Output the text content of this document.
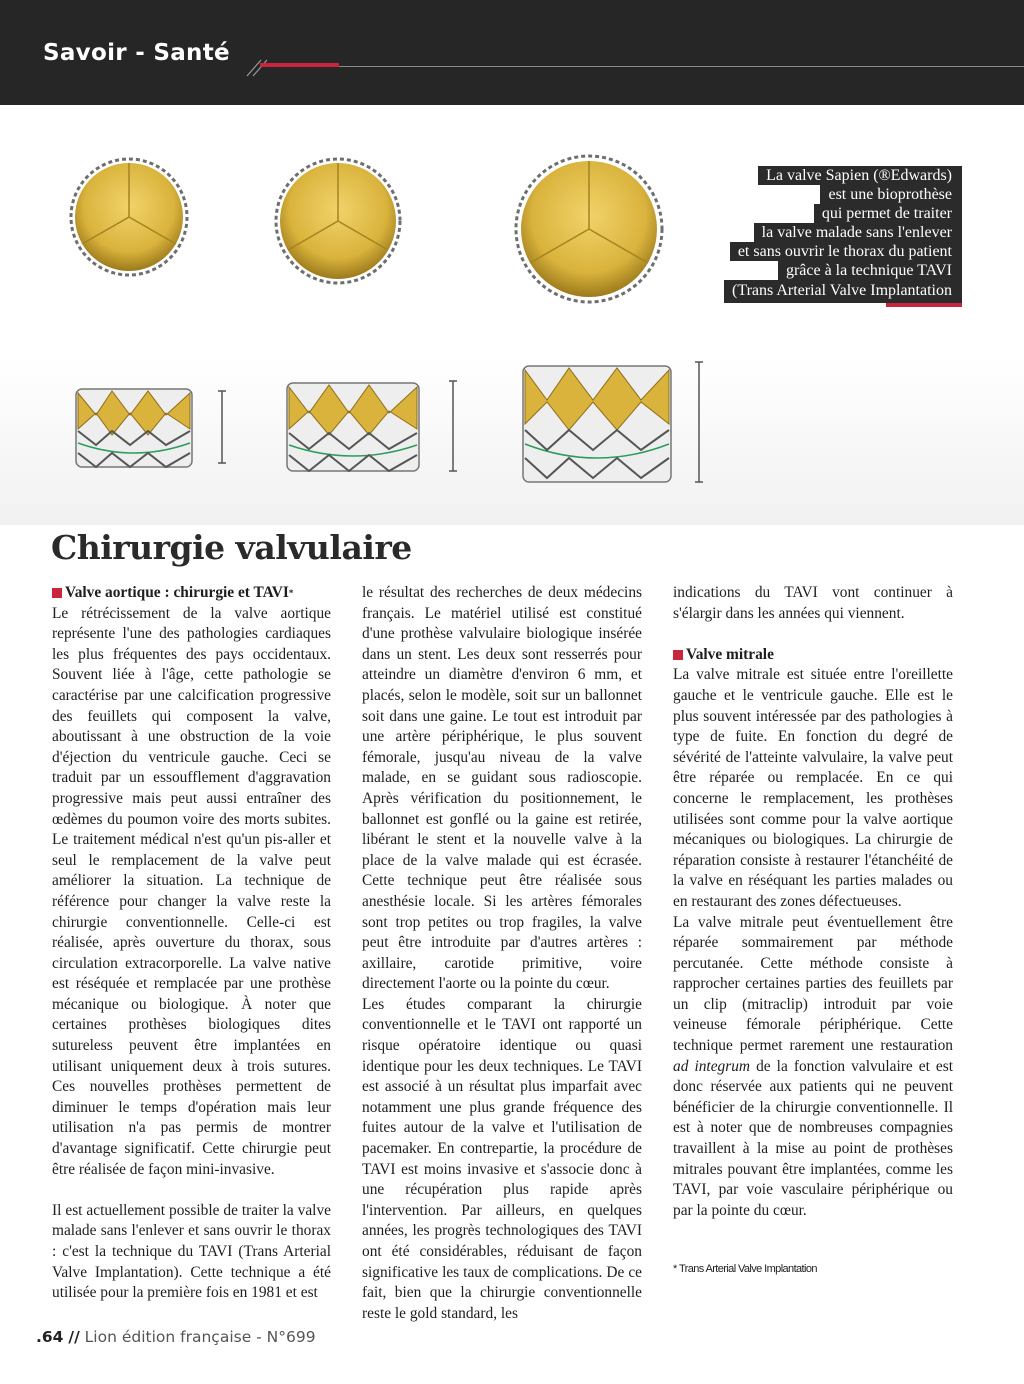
Savoir - Santé
La valve Sapien (®Edwards)
est une bioprothèse
qui permet de traiter
la valve malade sans l'enlever
et sans ouvrir le thorax du patient
grâce à la technique TAVI
(Trans Arterial Valve Implantation
Chirurgie valvulaire
Valve aortique : chirurgie et TAVI *

Le rétrécissement de la valve aortique représente l'une des pathologies cardiaques les plus fréquentes des pays occidentaux. Souvent liée à l'âge, cette pathologie se caractérise par une calcification progressive des feuillets qui composent la valve, aboutissant à une obstruction de la voie d'éjection du ventricule gauche. Ceci se traduit par un essoufflement d'aggravation progressive mais peut aussi entraîner des œdèmes du poumon voire des morts subites. Le traitement médical n'est qu'un pis-aller et seul le remplacement de la valve peut améliorer la situation. La technique de référence pour changer la valve reste la chirurgie conventionnelle. Celle-ci est réalisée, après ouverture du thorax, sous circulation extracorporelle. La valve native est réséquée et remplacée par une prothèse mécanique ou biologique. À noter que certaines prothèses biologiques dites sutureless peuvent être implantées en utilisant uniquement deux à trois sutures. Ces nouvelles prothèses permettent de diminuer le temps d'opération mais leur utilisation n'a pas permis de montrer d'avantage significatif. Cette chirurgie peut être réalisée de façon mini-invasive.

Il est actuellement possible de traiter la valve malade sans l'enlever et sans ouvrir le thorax : c'est la technique du TAVI (Trans Arterial Valve Implantation). Cette technique a été utilisée pour la première fois en 1981 et est

le résultat des recherches de deux médecins français. Le matériel utilisé est constitué d'une prothèse valvulaire biologique insérée dans un stent. Les deux sont resserrés pour atteindre un diamètre d'environ 6 mm, et placés, selon le modèle, soit sur un ballonnet soit dans une gaine. Le tout est introduit par une artère périphérique, le plus souvent fémorale, jusqu'au niveau de la valve malade, en se guidant sous radioscopie. Après vérification du positionnement, le ballonnet est gonflé ou la gaine est retirée, libérant le stent et la nouvelle valve à la place de la valve malade qui est écrasée. Cette technique peut être réalisée sous anesthésie locale. Si les artères fémorales sont trop petites ou trop fragiles, la valve peut être introduite par d'autres artères : axillaire, carotide primitive, voire directement l'aorte ou la pointe du cœur.

Les études comparant la chirurgie conventionnelle et le TAVI ont rapporté un risque opératoire identique ou quasi identique pour les deux techniques. Le TAVI est associé à un résultat plus imparfait avec notamment une plus grande fréquence des fuites autour de la valve et l'utilisation de pacemaker. En contrepartie, la procédure de TAVI est moins invasive et s'associe donc à une récupération plus rapide après l'intervention. Par ailleurs, en quelques années, les progrès technologiques des TAVI ont été considérables, réduisant de façon significative les taux de complications. De ce fait, bien que la chirurgie conventionnelle reste le gold standard, les

indications du TAVI vont continuer à s'élargir dans les années qui viennent.

Valve mitrale

La valve mitrale est située entre l'oreillette gauche et le ventricule gauche. Elle est le plus souvent intéressée par des pathologies à type de fuite. En fonction du degré de sévérité de l'atteinte valvulaire, la valve peut être réparée ou remplacée. En ce qui concerne le remplacement, les prothèses utilisées sont comme pour la valve aortique mécaniques ou biologiques. La chirurgie de réparation consiste à restaurer l'étanchéité de la valve en réséquant les parties malades ou en restaurant des zones défectueuses.

La valve mitrale peut éventuellement être réparée sommairement par méthode percutanée. Cette méthode consiste à rapprocher certaines parties des feuillets par un clip (mitraclip) introduit par voie veineuse fémorale périphérique. Cette technique permet rarement une restauration ad integrum de la fonction valvulaire et est donc réservée aux patients qui ne peuvent bénéficier de la chirurgie conventionnelle. Il est à noter que de nombreuses compagnies travaillent à la mise au point de prothèses mitrales pouvant être implantées, comme les TAVI, par voie vasculaire périphérique ou par la pointe du cœur.

* Trans Arterial Valve Implantation
.64 // Lion édition française - N°699
